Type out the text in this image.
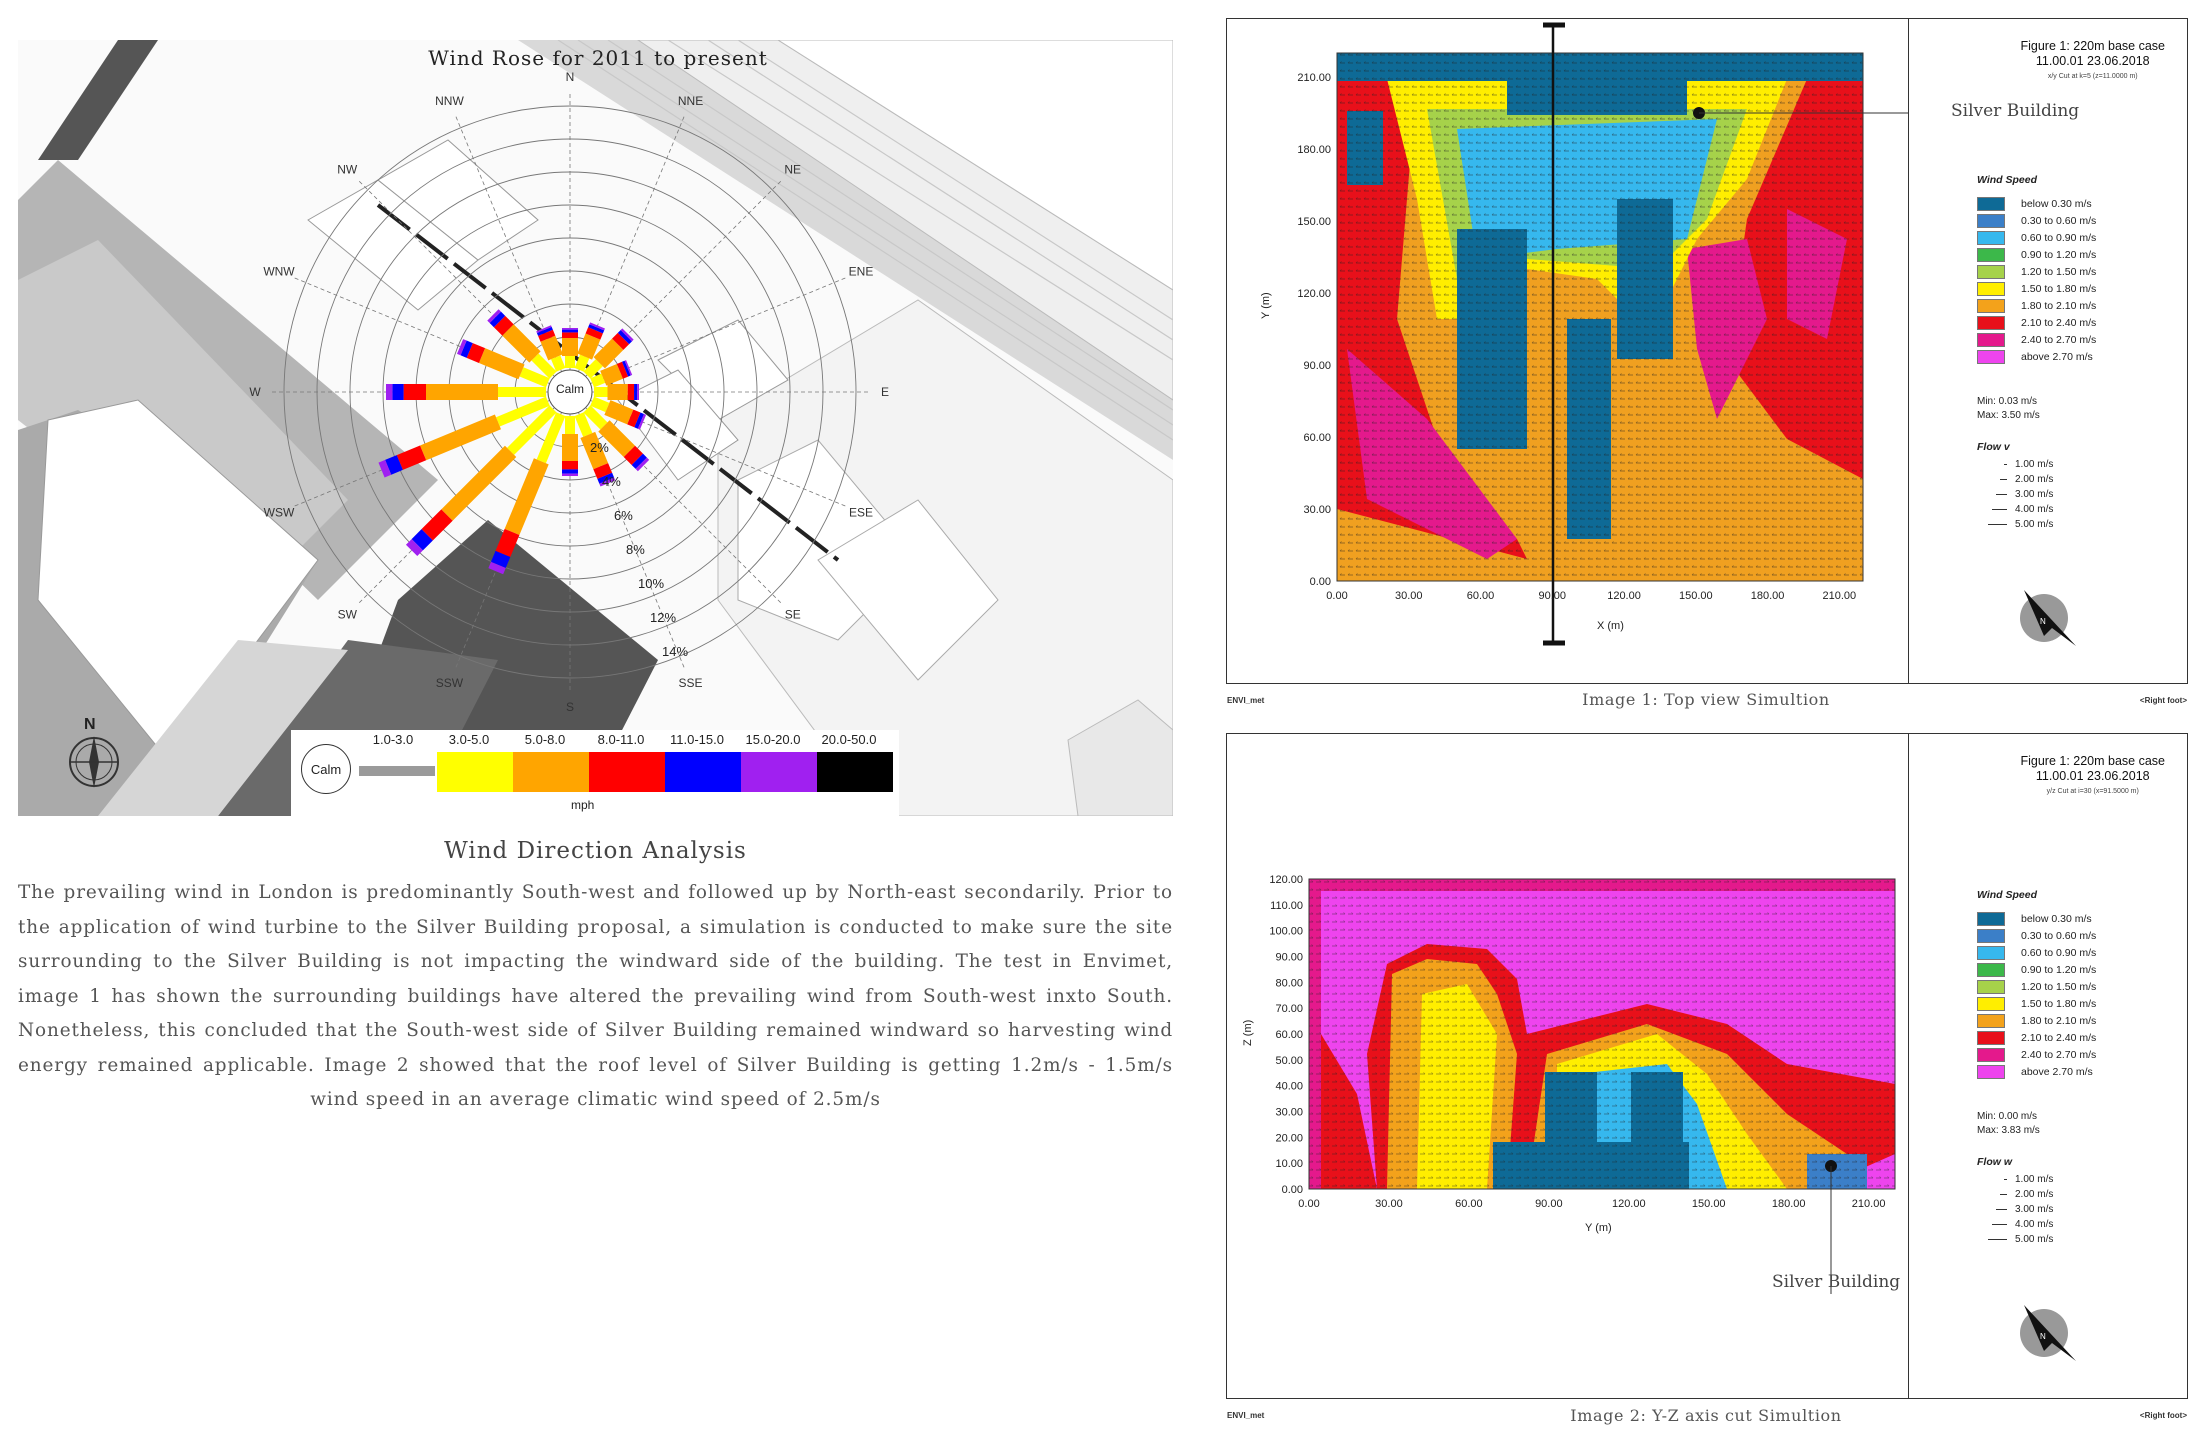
N
NNE
NE
ENE
E
ESE
SE
SSE
S
SSW
SW
WSW
W
WNW
NW
NNW
2%
4%
6%
8%
10%
12%
14%
Wind Rose for 2011 to present
Calm
Calm
1.0-3.0	3.0-5.0	5.0-8.0	8.0-11.0	11.0-15.0	15.0-20.0	20.0-50.0
mph
N
Wind Direction Analysis
The prevailing wind in London is predominantly South-west and followed up by North-east secondarily. Prior to the application of wind turbine to the Silver Building proposal, a simulation is conducted to make sure the site surrounding to the Silver Building is not impacting the windward side of the building. The test in Envimet, image 1 has shown the surrounding buildings have altered the prevailing wind from South-west inxto South. Nonetheless, this concluded that the South-west side of Silver Building remained windward so harvesting wind energy remained applicable. Image 2 showed that the roof level of Silver Building is getting 1.2m/s - 1.5m/s wind speed in an average climatic wind speed of 2.5m/s
0.00	30.00	60.00	90.00	120.00	150.00	180.00	210.00
0.00
30.00
60.00
90.00
120.00
150.00
180.00
210.00
X (m)
Y (m)
Silver Building
Figure 1: 220m base case
11.00.01 23.06.2018
x/y Cut at k=5 (z=11.0000 m)
Wind Speed
below 0.30 m/s
0.30 to 0.60 m/s
0.60 to 0.90 m/s
0.90 to 1.20 m/s
1.20 to 1.50 m/s
1.50 to 1.80 m/s
1.80 to 2.10 m/s
2.10 to 2.40 m/s
2.40 to 2.70 m/s
above 2.70 m/s
Min: 0.03 m/s
Max: 3.50 m/s
Flow v
1.00 m/s
2.00 m/s
3.00 m/s
4.00 m/s
5.00 m/s
N
ENVI_met	<Right foot>
Image 1: Top view Simultion
0.00	30.00	60.00	90.00	120.00	150.00	180.00	210.00
0.00
10.00
20.00
30.00
40.00
50.00
60.00
70.00
80.00
90.00
100.00
110.00
120.00
Y (m)
Z (m)
Silver Building
Figure 1: 220m base case
11.00.01 23.06.2018
y/z Cut at i=30 (x=91.5000 m)
Wind Speed
below 0.30 m/s
0.30 to 0.60 m/s
0.60 to 0.90 m/s
0.90 to 1.20 m/s
1.20 to 1.50 m/s
1.50 to 1.80 m/s
1.80 to 2.10 m/s
2.10 to 2.40 m/s
2.40 to 2.70 m/s
above 2.70 m/s
Min: 0.00 m/s
Max: 3.83 m/s
Flow w
1.00 m/s
2.00 m/s
3.00 m/s
4.00 m/s
5.00 m/s
N
ENVI_met	<Right foot>
Image 2: Y-Z axis cut Simultion
